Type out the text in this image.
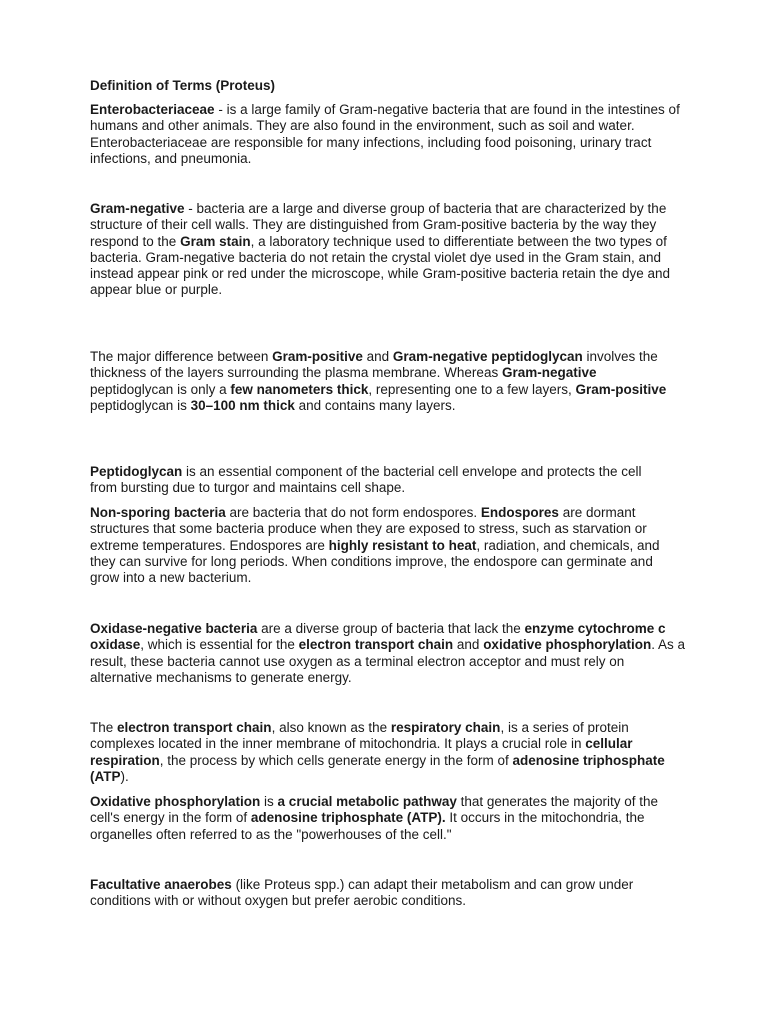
Definition of Terms (Proteus)

Enterobacteriaceae - is a large family of Gram-negative bacteria that are found in the intestines of humans and other animals. They are also found in the environment, such as soil and water. Enterobacteriaceae are responsible for many infections, including food poisoning, urinary tract infections, and pneumonia.

Gram-negative - bacteria are a large and diverse group of bacteria that are characterized by the structure of their cell walls. They are distinguished from Gram-positive bacteria by the way they respond to the Gram stain, a laboratory technique used to differentiate between the two types of bacteria. Gram-negative bacteria do not retain the crystal violet dye used in the Gram stain, and instead appear pink or red under the microscope, while Gram-positive bacteria retain the dye and appear blue or purple.

The major difference between Gram-positive and Gram-negative peptidoglycan involves the thickness of the layers surrounding the plasma membrane. Whereas Gram-negative peptidoglycan is only a few nanometers thick, representing one to a few layers, Gram-positive peptidoglycan is 30–100 nm thick and contains many layers.

Peptidoglycan is an essential component of the bacterial cell envelope and protects the cell from bursting due to turgor and maintains cell shape.

Non-sporing bacteria are bacteria that do not form endospores. Endospores are dormant structures that some bacteria produce when they are exposed to stress, such as starvation or extreme temperatures. Endospores are highly resistant to heat, radiation, and chemicals, and they can survive for long periods. When conditions improve, the endospore can germinate and grow into a new bacterium.

Oxidase-negative bacteria are a diverse group of bacteria that lack the enzyme cytochrome c oxidase, which is essential for the electron transport chain and oxidative phosphorylation. As a result, these bacteria cannot use oxygen as a terminal electron acceptor and must rely on alternative mechanisms to generate energy.

The electron transport chain, also known as the respiratory chain, is a series of protein complexes located in the inner membrane of mitochondria. It plays a crucial role in cellular respiration, the process by which cells generate energy in the form of adenosine triphosphate (ATP).

Oxidative phosphorylation is a crucial metabolic pathway that generates the majority of the cell's energy in the form of adenosine triphosphate (ATP). It occurs in the mitochondria, the organelles often referred to as the "powerhouses of the cell."

Facultative anaerobes (like Proteus spp.) can adapt their metabolism and can grow under conditions with or without oxygen but prefer aerobic conditions.
